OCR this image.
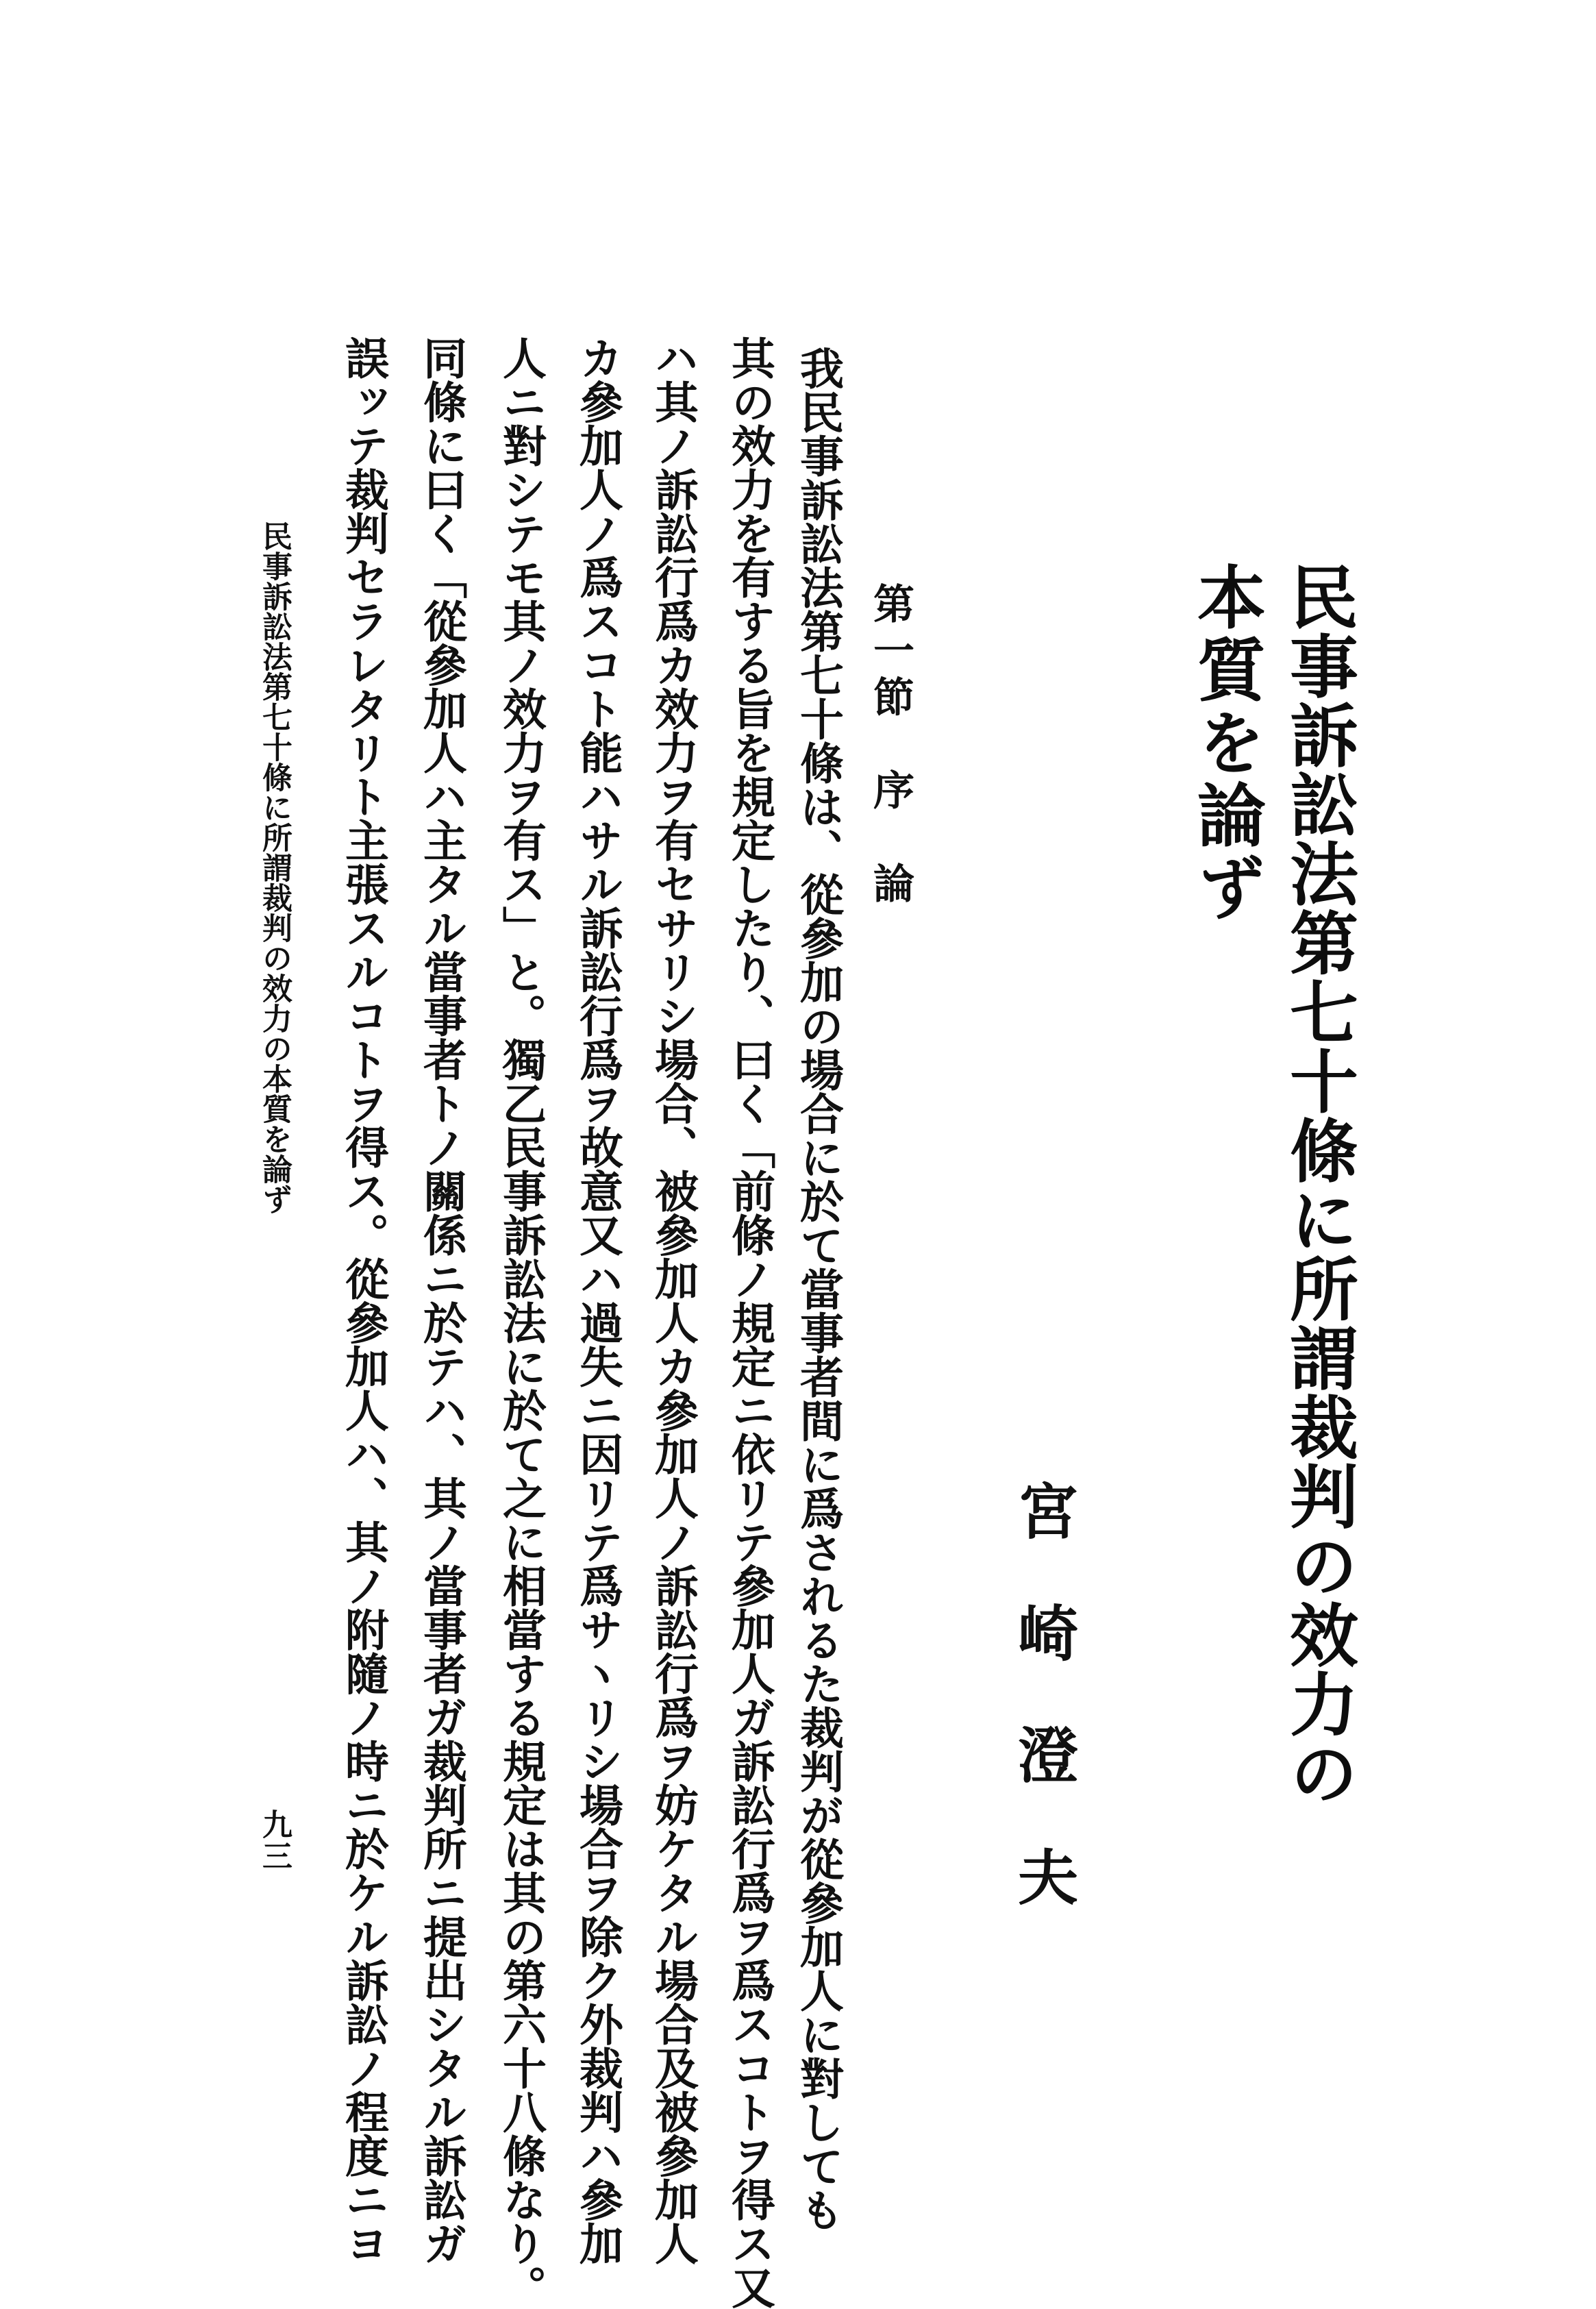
民事訴訟法第七十條に所謂裁判の效力の
本質を論ず
宮崎澄夫
第一節　序　論
我民事訴訟法第七十條は、從參加の場合に於て當事者間に爲されるた裁判が從參加人に對しても
其の效力を有する旨を規定したり、曰く「前條ノ規定ニ依リテ參加人ガ訴訟行爲ヲ爲スコトヲ得ス又
ハ其ノ訴訟行爲カ效力ヲ有セサリシ場合、被參加人カ參加人ノ訴訟行爲ヲ妨ケタル場合及被參加人
カ參加人ノ爲スコト能ハサル訴訟行爲ヲ故意又ハ過失ニ因リテ爲サヽリシ場合ヲ除ク外裁判ハ參加
人ニ對シテモ其ノ效力ヲ有ス」と。獨乙民事訴訟法に於て之に相當する規定は其の第六十八條なり。
同條に曰く「從參加人ハ主タル當事者トノ關係ニ於テハ、其ノ當事者ガ裁判所ニ提出シタル訴訟ガ
誤ッテ裁判セラレタリト主張スルコトヲ得ス。從參加人ハ、其ノ附隨ノ時ニ於ケル訴訟ノ程度ニヨ
民事訴訟法第七十條に所謂裁判の效力の本質を論ず
九三
